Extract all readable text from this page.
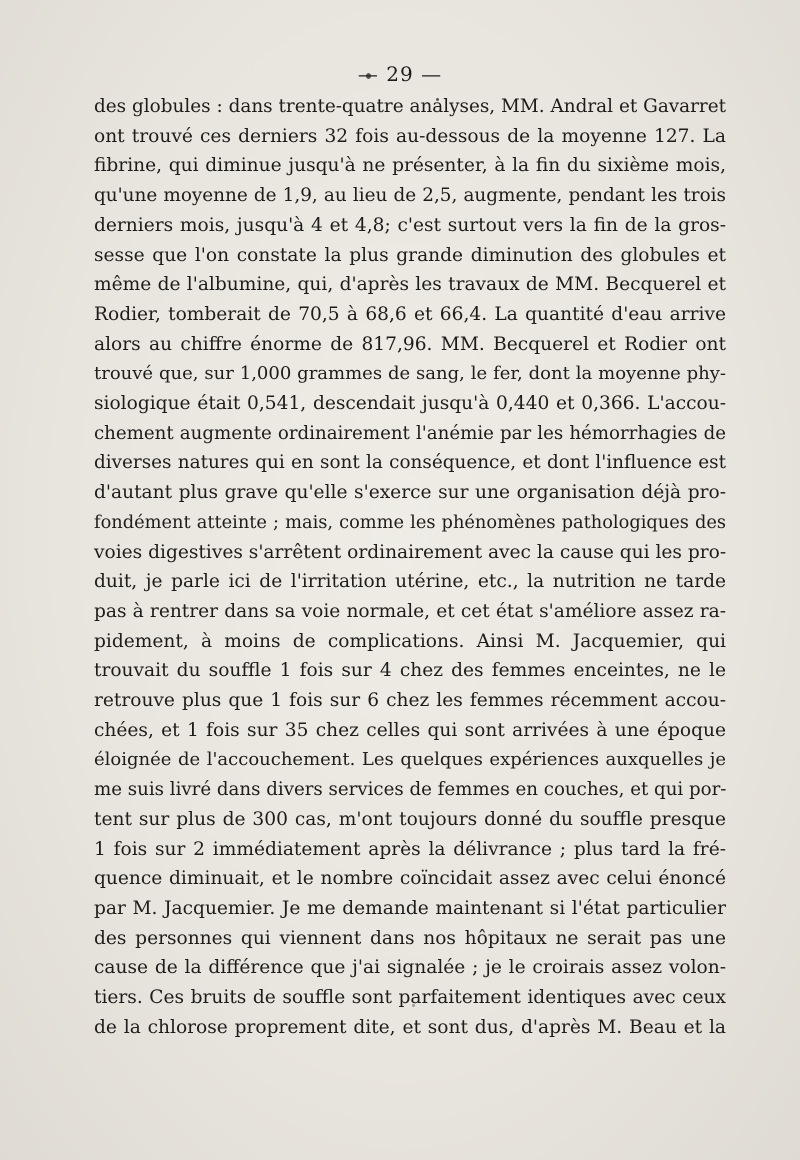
— 29 —
des globules : dans trente-quatre analyses, MM. Andral et Gavarret
ont trouvé ces derniers 32 fois au-dessous de la moyenne 127. La
fibrine, qui diminue jusqu'à ne présenter, à la fin du sixième mois,
qu'une moyenne de 1,9, au lieu de 2,5, augmente, pendant les trois
derniers mois, jusqu'à 4 et 4,8; c'est surtout vers la fin de la gros-
sesse que l'on constate la plus grande diminution des globules et
même de l'albumine, qui, d'après les travaux de MM. Becquerel et
Rodier, tomberait de 70,5 à 68,6 et 66,4. La quantité d'eau arrive
alors au chiffre énorme de 817,96. MM. Becquerel et Rodier ont
trouvé que, sur 1,000 grammes de sang, le fer, dont la moyenne phy-
siologique était 0,541, descendait jusqu'à 0,440 et 0,366. L'accou-
chement augmente ordinairement l'anémie par les hémorrhagies de
diverses natures qui en sont la conséquence, et dont l'influence est
d'autant plus grave qu'elle s'exerce sur une organisation déjà pro-
fondément atteinte ; mais, comme les phénomènes pathologiques des
voies digestives s'arrêtent ordinairement avec la cause qui les pro-
duit, je parle ici de l'irritation utérine, etc., la nutrition ne tarde
pas à rentrer dans sa voie normale, et cet état s'améliore assez ra-
pidement, à moins de complications. Ainsi M. Jacquemier, qui
trouvait du souffle 1 fois sur 4 chez des femmes enceintes, ne le
retrouve plus que 1 fois sur 6 chez les femmes récemment accou-
chées, et 1 fois sur 35 chez celles qui sont arrivées à une époque
éloignée de l'accouchement. Les quelques expériences auxquelles je
me suis livré dans divers services de femmes en couches, et qui por-
tent sur plus de 300 cas, m'ont toujours donné du souffle presque
1 fois sur 2 immédiatement après la délivrance ; plus tard la fré-
quence diminuait, et le nombre coïncidait assez avec celui énoncé
par M. Jacquemier. Je me demande maintenant si l'état particulier
des personnes qui viennent dans nos hôpitaux ne serait pas une
cause de la différence que j'ai signalée ; je le croirais assez volon-
tiers. Ces bruits de souffle sont parfaitement identiques avec ceux
de la chlorose proprement dite, et sont dus, d'après M. Beau et la
